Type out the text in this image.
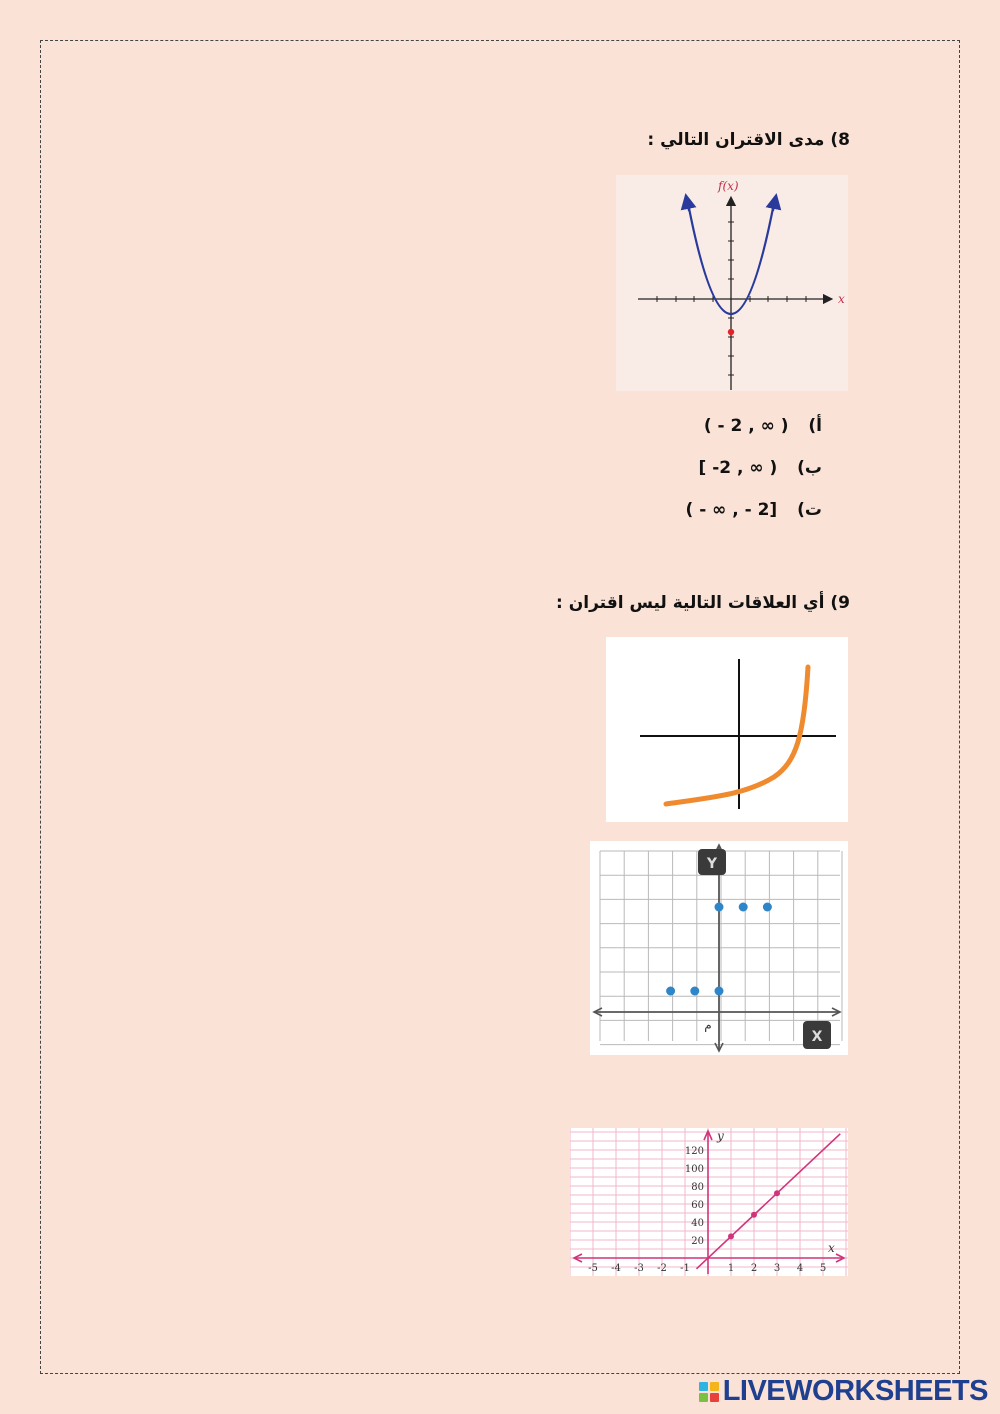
8) مدى الاقتران التالي :
f(x)
x
( - 2 , ∞ ) أ)
[ -2 , ∞ ) ب)
( - ∞ , - 2] ت)
9) أي العلاقات التالية ليس اقتران :
Y
X
م
120
100
80
60
40
20
-5 -4 -3 -2 -1	1 2 3 4 5
y
x
LIVEWORKSHEETS
